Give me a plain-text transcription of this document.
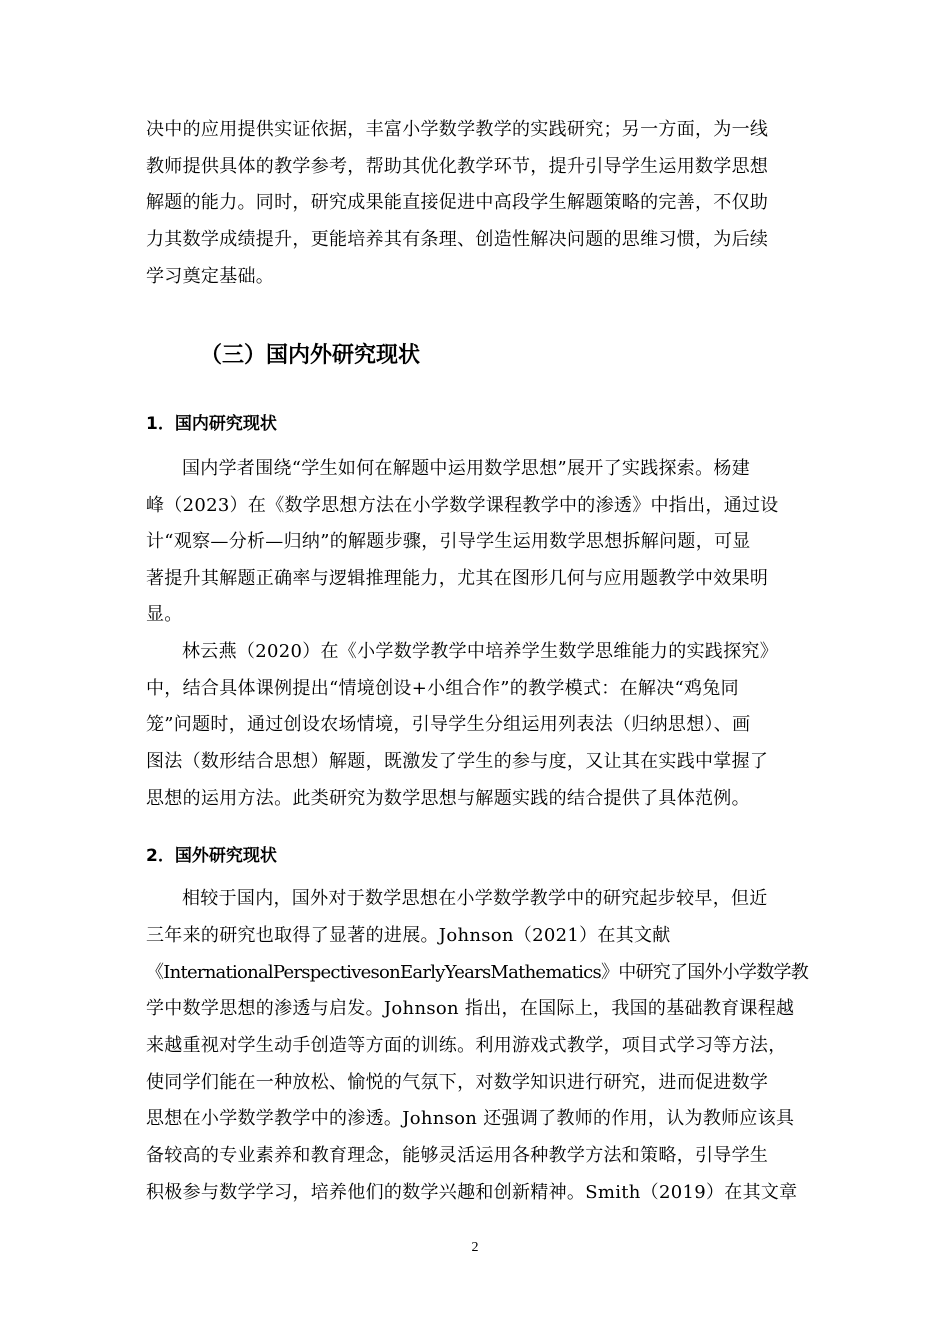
决中的应用提供实证依据，丰富小学数学教学的实践研究；另一方面，为一线
教师提供具体的教学参考，帮助其优化教学环节，提升引导学生运用数学思想
解题的能力。同时，研究成果能直接促进中高段学生解题策略的完善，不仅助
力其数学成绩提升，更能培养其有条理、创造性解决问题的思维习惯，为后续
学习奠定基础。
（三）国内外研究现状
1．国内研究现状
国内学者围绕“学生如何在解题中运用数学思想”展开了实践探索。杨建
峰（2023）在《数学思想方法在小学数学课程教学中的渗透》中指出，通过设
计“观察—分析—归纳”的解题步骤，引导学生运用数学思想拆解问题，可显
著提升其解题正确率与逻辑推理能力，尤其在图形几何与应用题教学中效果明
显。
林云燕（2020）在《小学数学教学中培养学生数学思维能力的实践探究》
中，结合具体课例提出“情境创设+小组合作”的教学模式：在解决“鸡兔同
笼”问题时，通过创设农场情境，引导学生分组运用列表法（归纳思想）、画
图法（数形结合思想）解题，既激发了学生的参与度，又让其在实践中掌握了
思想的运用方法。此类研究为数学思想与解题实践的结合提供了具体范例。
2．国外研究现状
相较于国内，国外对于数学思想在小学数学教学中的研究起步较早，但近
三年来的研究也取得了显著的进展。Johnson（2021）在其文献
《InternationalPerspectivesonEarlyYearsMathematics》中研究了国外小学数学教
学中数学思想的渗透与启发。Johnson 指出，在国际上，我国的基础教育课程越
来越重视对学生动手创造等方面的训练。利用游戏式教学，项目式学习等方法，
使同学们能在一种放松、愉悦的气氛下，对数学知识进行研究，进而促进数学
思想在小学数学教学中的渗透。Johnson 还强调了教师的作用，认为教师应该具
备较高的专业素养和教育理念，能够灵活运用各种教学方法和策略，引导学生
积极参与数学学习，培养他们的数学兴趣和创新精神。Smith（2019）在其文章
2
